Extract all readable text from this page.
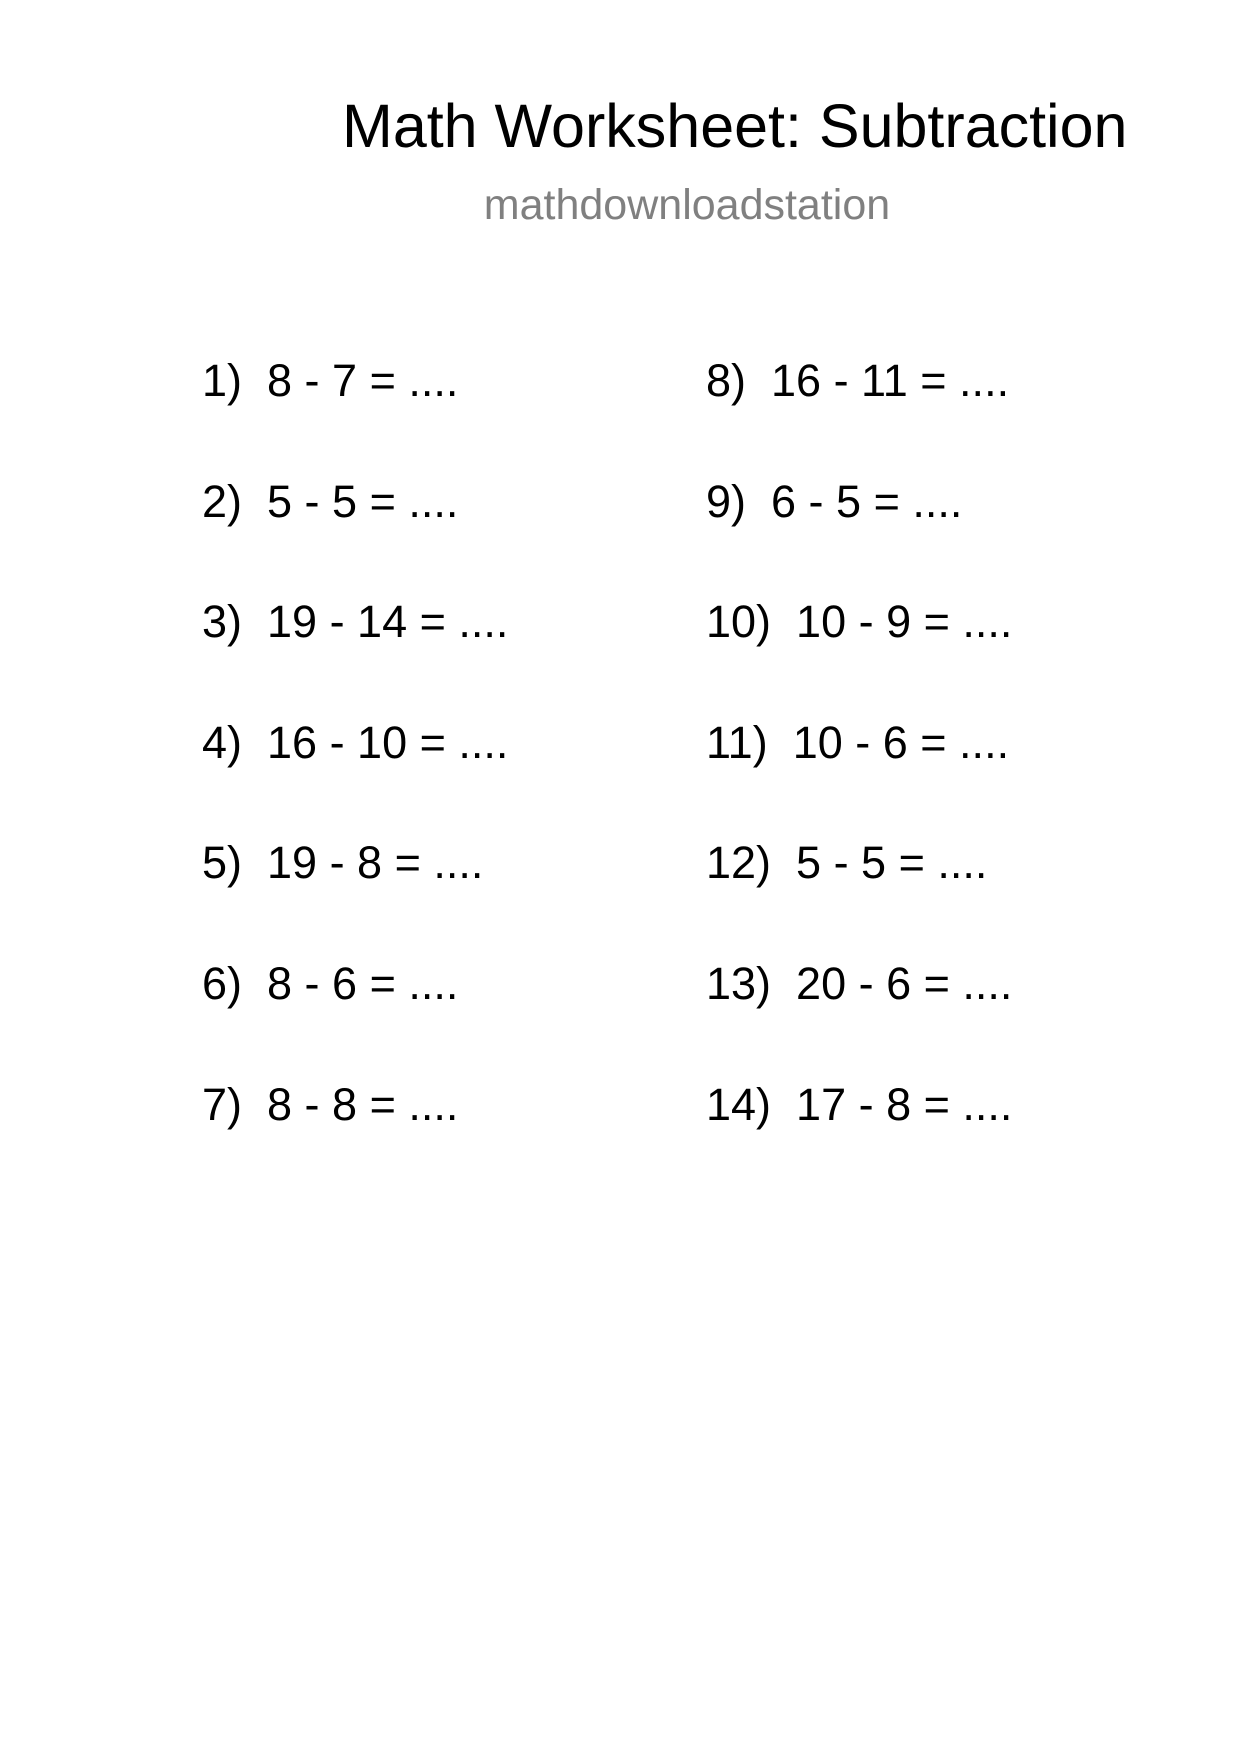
Math Worksheet: Subtraction
mathdownloadstation
1)  8 - 7 = ....
2)  5 - 5 = ....
3)  19 - 14 = ....
4)  16 - 10 = ....
5)  19 - 8 = ....
6)  8 - 6 = ....
7)  8 - 8 = ....
8)  16 - 11 = ....
9)  6 - 5 = ....
10)  10 - 9 = ....
11)  10 - 6 = ....
12)  5 - 5 = ....
13)  20 - 6 = ....
14)  17 - 8 = ....
